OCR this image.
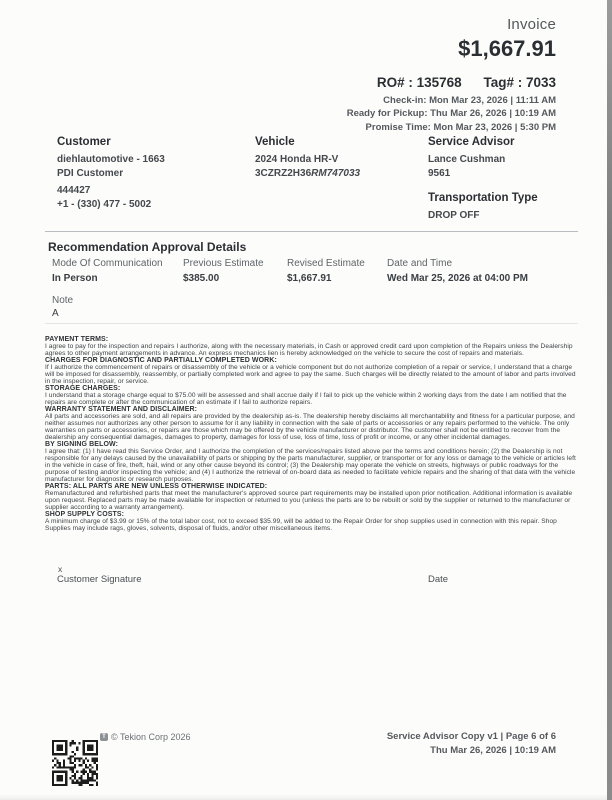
Invoice
$1,667.91
RO# : 135768 Tag# : 7033
Check-in: Mon Mar 23, 2026 | 11:11 AM
Ready for Pickup: Thu Mar 26, 2026 | 10:19 AM
Promise Time: Mon Mar 23, 2026 | 5:30 PM
Customer
diehlautomotive - 1663
PDI Customer
444427
+1 - (330) 477 - 5002
Vehicle
2024 Honda HR-V
3CZRZ2H36RM747033
Service Advisor
Lance Cushman
9561
Transportation Type
DROP OFF
Recommendation Approval Details
Mode Of Communication
In Person
Previous Estimate
$385.00
Revised Estimate
$1,667.91
Date and Time
Wed Mar 25, 2026 at 04:00 PM
Note
A
PAYMENT TERMS:
I agree to pay for the inspection and repairs I authorize, along with the necessary materials, in Cash or approved credit card upon completion of the Repairs unless the Dealership agrees to other payment arrangements in advance. An express mechanics lien is hereby acknowledged on the vehicle to secure the cost of repairs and materials.
CHARGES FOR DIAGNOSTIC AND PARTIALLY COMPLETED WORK:
If I authorize the commencement of repairs or disassembly of the vehicle or a vehicle component but do not authorize completion of a repair or service, I understand that a charge will be imposed for disassembly, reassembly, or partially completed work and agree to pay the same. Such charges will be directly related to the amount of labor and parts involved in the inspection, repair, or service.
STORAGE CHARGES:
I understand that a storage charge equal to $75.00 will be assessed and shall accrue daily if I fail to pick up the vehicle within 2 working days from the date I am notified that the repairs are complete or after the communication of an estimate if I fail to authorize repairs.
WARRANTY STATEMENT AND DISCLAIMER:
All parts and accessories are sold, and all repairs are provided by the dealership as-is. The dealership hereby disclaims all merchantability and fitness for a particular purpose, and neither assumes nor authorizes any other person to assume for it any liability in connection with the sale of parts or accessories or any repairs performed to the vehicle. The only warranties on parts or accessories, or repairs are those which may be offered by the vehicle manufacturer or distributor. The customer shall not be entitled to recover from the dealership any consequential damages, damages to property, damages for loss of use, loss of time, loss of profit or income, or any other incidental damages.
BY SIGNING BELOW:
I agree that: (1) I have read this Service Order, and I authorize the completion of the services/repairs listed above per the terms and conditions herein; (2) the Dealership is not responsible for any delays caused by the unavailability of parts or shipping by the parts manufacturer, supplier, or transporter or for any loss or damage to the vehicle or articles left in the vehicle in case of fire, theft, hail, wind or any other cause beyond its control; (3) the Dealership may operate the vehicle on streets, highways or public roadways for the purpose of testing and/or inspecting the vehicle; and (4) I authorize the retrieval of on-board data as needed to facilitate vehicle repairs and the sharing of that data with the vehicle manufacturer for diagnostic or research purposes.
PARTS: ALL PARTS ARE NEW UNLESS OTHERWISE INDICATED:
Remanufactured and refurbished parts that meet the manufacturer's approved source part requirements may be installed upon prior notification. Additional information is available upon request. Replaced parts may be made available for inspection or returned to you (unless the parts are to be rebuilt or sold by the supplier or returned to the manufacturer or supplier according to a warranty arrangement).
SHOP SUPPLY COSTS:
A minimum charge of $3.99 or 15% of the total labor cost, not to exceed $35.99, will be added to the Repair Order for shop supplies used in connection with this repair. Shop Supplies may include rags, gloves, solvents, disposal of fluids, and/or other miscellaneous items.
x
Customer Signature	Date
T © Tekion Corp 2026	Service Advisor Copy v1 | Page 6 of 6
Thu Mar 26, 2026 | 10:19 AM
